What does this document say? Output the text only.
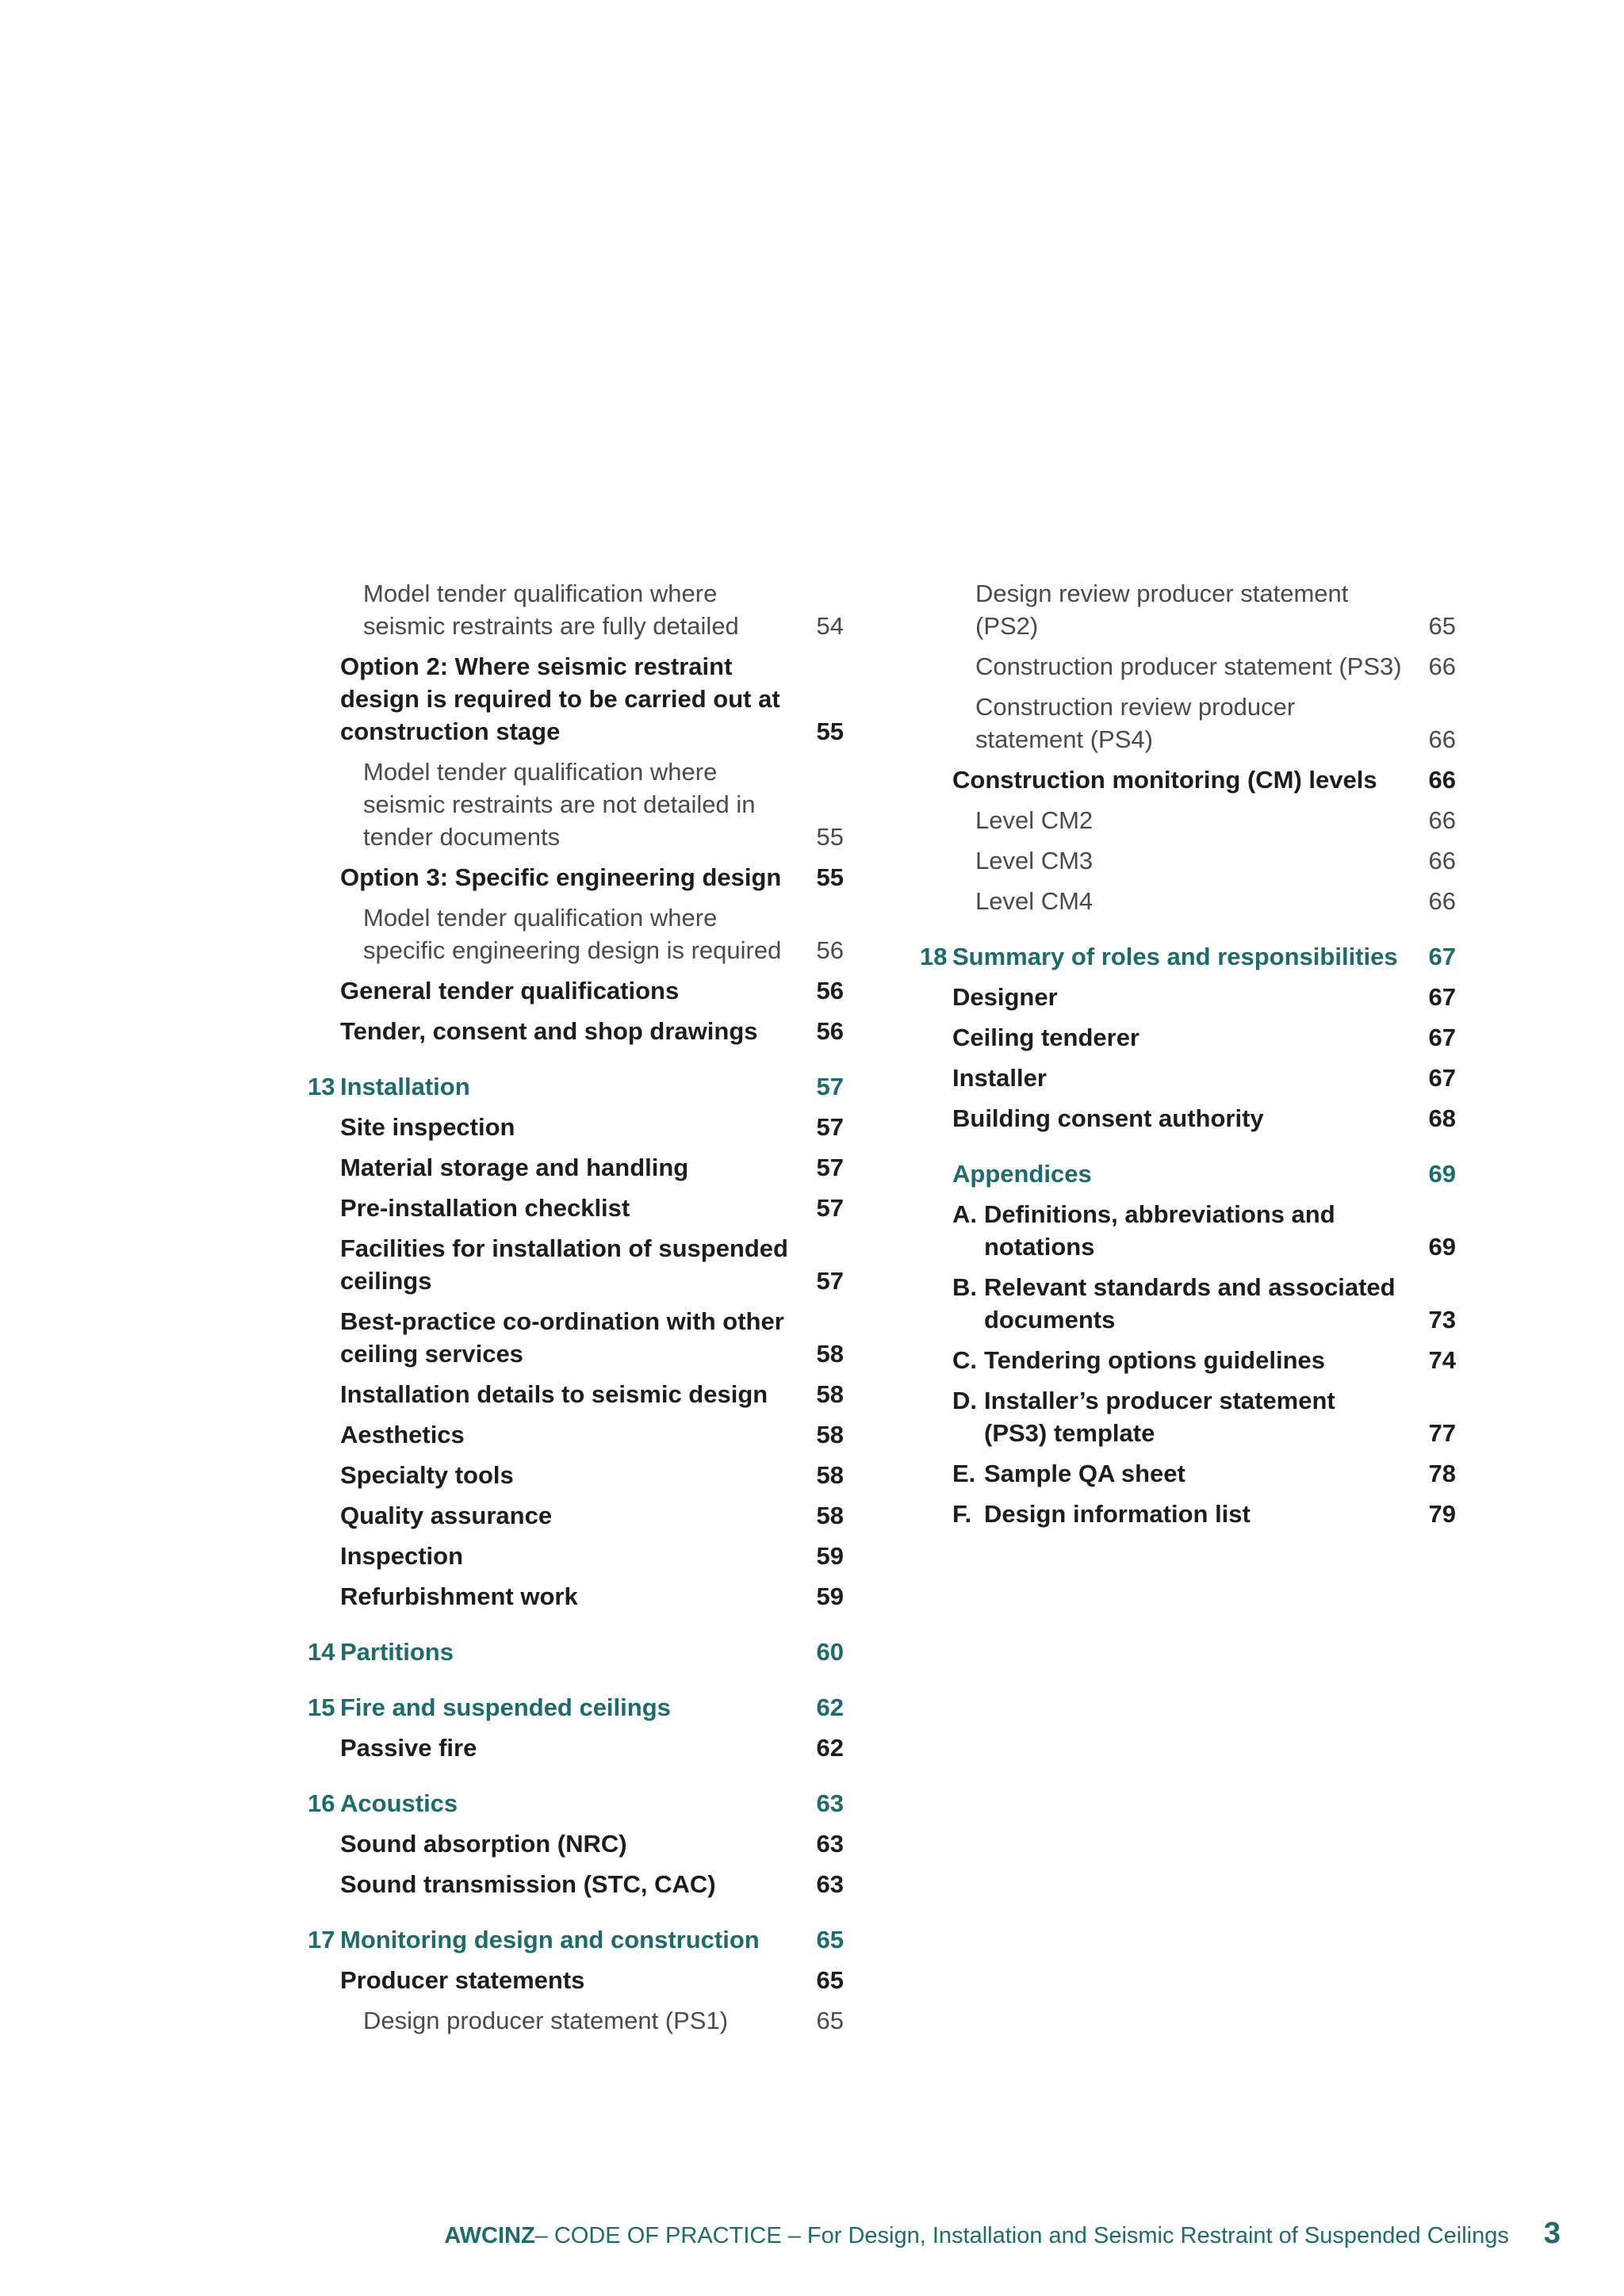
Model tender qualification where seismic restraints are fully detailed	54
Option 2: Where seismic restraint design is required to be carried out at construction stage	55
Model tender qualification where seismic restraints are not detailed in tender documents	55
Option 3: Specific engineering design	55
Model tender qualification where specific engineering design is required	56
General tender qualifications	56
Tender, consent and shop drawings	56
13 Installation	57
Site inspection	57
Material storage and handling	57
Pre-installation checklist	57
Facilities for installation of suspended ceilings	57
Best-practice co-ordination with other ceiling services	58
Installation details to seismic design	58
Aesthetics	58
Specialty tools	58
Quality assurance	58
Inspection	59
Refurbishment work	59
14 Partitions	60
15 Fire and suspended ceilings	62
Passive fire	62
16 Acoustics	63
Sound absorption (NRC)	63
Sound transmission (STC, CAC)	63
17 Monitoring design and construction	65
Producer statements	65
Design producer statement (PS1)	65
Design review producer statement (PS2)	65
Construction producer statement (PS3)	66
Construction review producer statement (PS4)	66
Construction monitoring (CM) levels	66
Level CM2	66
Level CM3	66
Level CM4	66
18 Summary of roles and responsibilities	67
Designer	67
Ceiling tenderer	67
Installer	67
Building consent authority	68
Appendices	69
A. Definitions, abbreviations and notations	69
B. Relevant standards and associated documents	73
C. Tendering options guidelines	74
D. Installer’s producer statement (PS3) template	77
E. Sample QA sheet	78
F. Design information list	79
AWCINZ – CODE OF PRACTICE – For Design, Installation and Seismic Restraint of Suspended Ceilings 3
